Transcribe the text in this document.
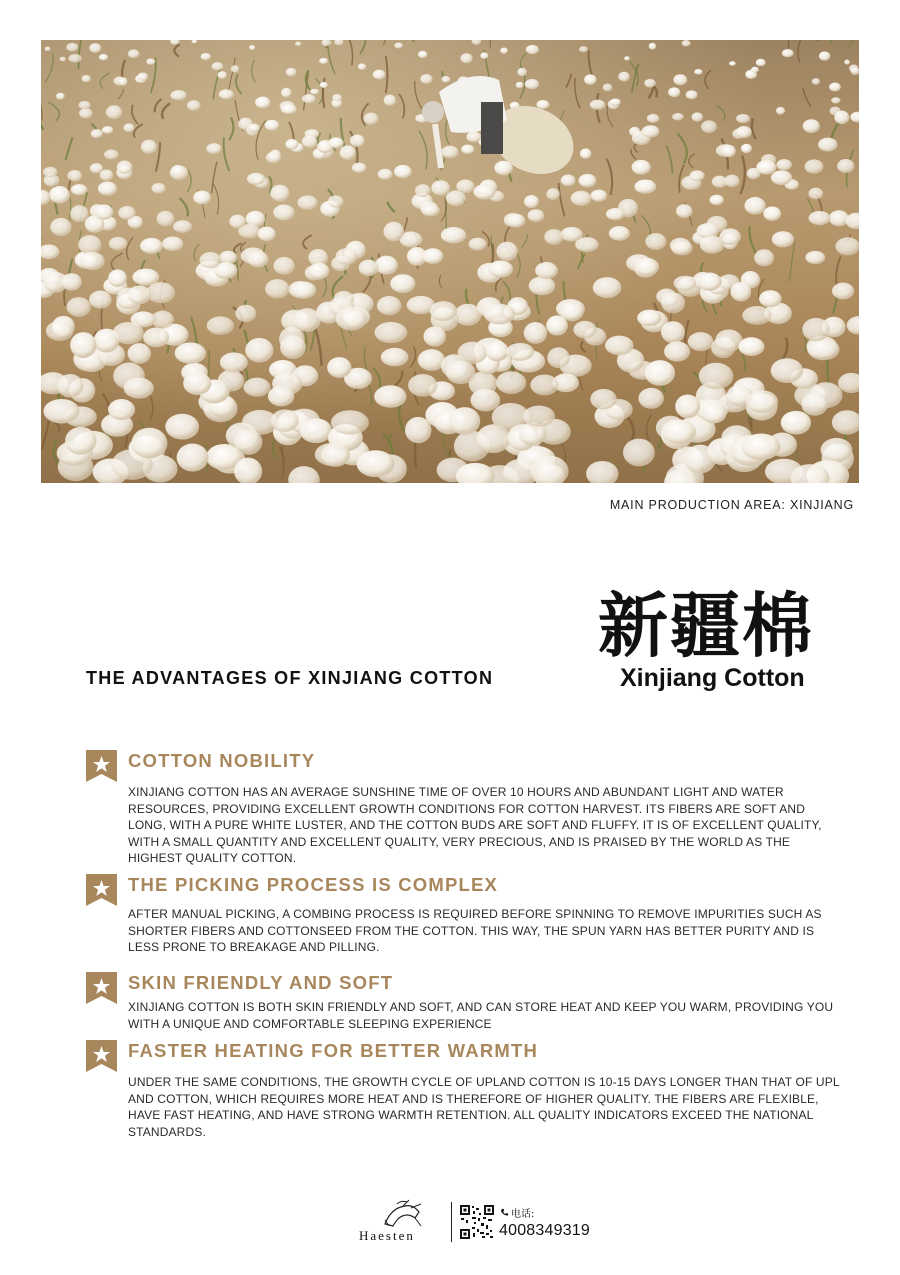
MAIN PRODUCTION AREA: XINJIANG
新疆棉
Xinjiang Cotton
THE ADVANTAGES OF XINJIANG COTTON
COTTON NOBILITY
XINJIANG COTTON HAS AN AVERAGE SUNSHINE TIME OF OVER 10 HOURS AND ABUNDANT LIGHT AND WATER RESOURCES, PROVIDING EXCELLENT GROWTH CONDITIONS FOR COTTON HARVEST. ITS FIBERS ARE SOFT AND LONG, WITH A PURE WHITE LUSTER, AND THE COTTON BUDS ARE SOFT AND FLUFFY. IT IS OF EXCELLENT QUALITY, WITH A SMALL QUANTITY AND EXCELLENT QUALITY, VERY PRECIOUS, AND IS PRAISED BY THE WORLD AS THE HIGHEST QUALITY COTTON.
THE PICKING PROCESS IS COMPLEX
AFTER MANUAL PICKING, A COMBING PROCESS IS REQUIRED BEFORE SPINNING TO REMOVE IMPURITIES SUCH AS SHORTER FIBERS AND COTTONSEED FROM THE COTTON. THIS WAY, THE SPUN YARN HAS BETTER PURITY AND IS LESS PRONE TO BREAKAGE AND PILLING.
SKIN FRIENDLY AND SOFT
XINJIANG COTTON IS BOTH SKIN FRIENDLY AND SOFT, AND CAN STORE HEAT AND KEEP YOU WARM, PROVIDING YOU WITH A UNIQUE AND COMFORTABLE SLEEPING EXPERIENCE
FASTER HEATING FOR BETTER WARMTH
UNDER THE SAME CONDITIONS, THE GROWTH CYCLE OF UPLAND COTTON IS 10-15 DAYS LONGER THAN THAT OF UPL AND COTTON, WHICH REQUIRES MORE HEAT AND IS THEREFORE OF HIGHER QUALITY. THE FIBERS ARE FLEXIBLE, HAVE FAST HEATING, AND HAVE STRONG WARMTH RETENTION. ALL QUALITY INDICATORS EXCEED THE NATIONAL STANDARDS.
Haesten
电话:
4008349319
